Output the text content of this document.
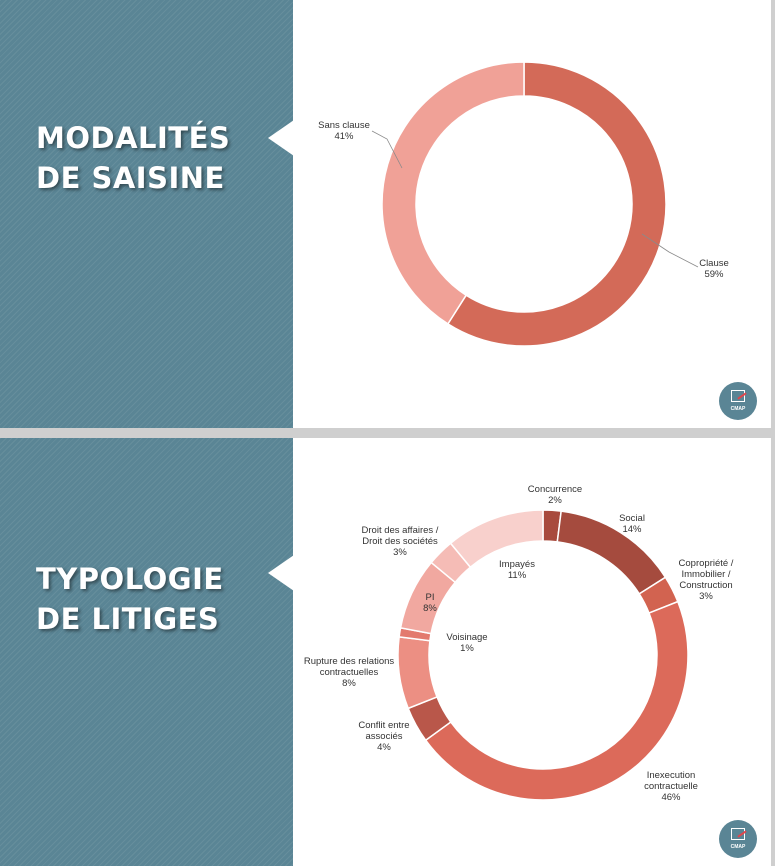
MODALITÉS
DE SAISINE
Clause 59%
Sans clause 41%
CMAP
TYPOLOGIE
DE LITIGES
Concurrence 2%
Social 14%
Copropriété / Immobilier / Construction 3%
Inexecution contractuelle 46%
Conflit entre associés 4%
Rupture des relations contractuelles 8%
Voisinage 1%
PI 8%
Droit des affaires / Droit des sociétés 3%
Impayés 11%
CMAP
